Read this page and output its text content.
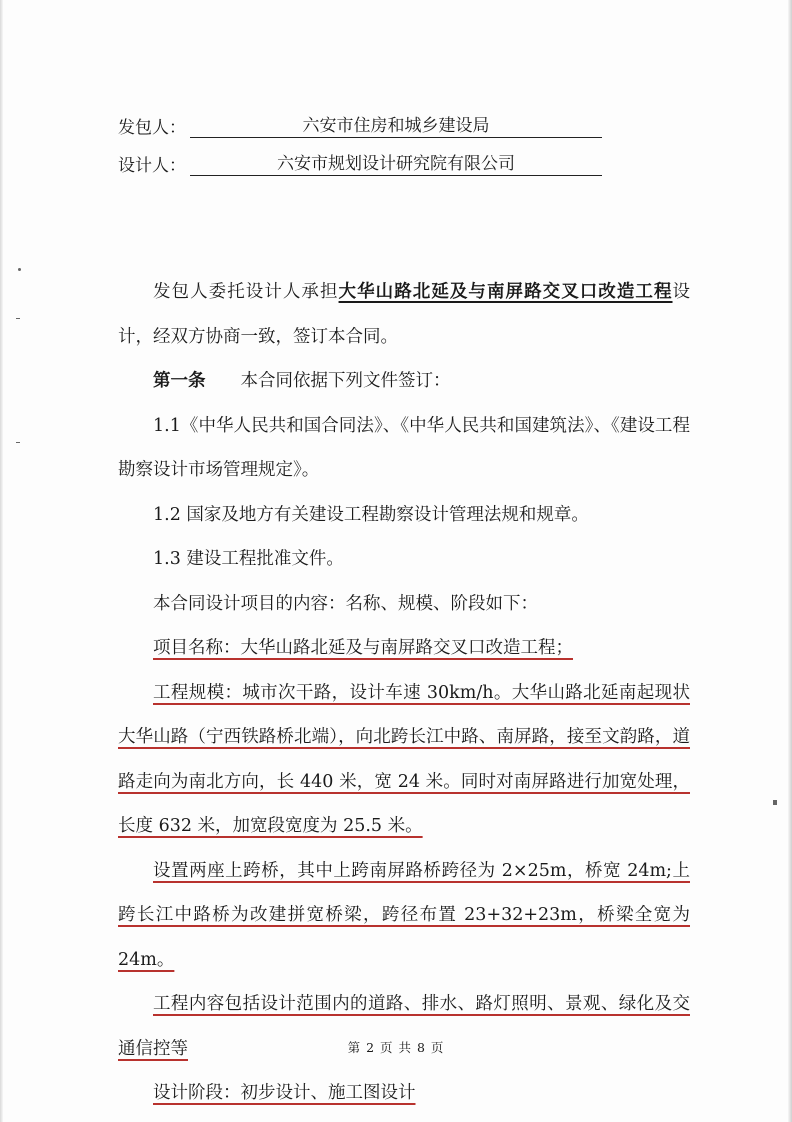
发包人：	六安市住房和城乡建设局
设计人：	六安市规划设计研究院有限公司

发包人委托设计人承担大华山路北延及与南屏路交叉口改造工程设计，经双方协商一致，签订本合同。

第一条 本合同依据下列文件签订：

1.1《中华人民共和国合同法》、《中华人民共和国建筑法》、《建设工程勘察设计市场管理规定》。

1.2 国家及地方有关建设工程勘察设计管理法规和规章。

1.3 建设工程批准文件。

本合同设计项目的内容：名称、规模、阶段如下：

项目名称：大华山路北延及与南屏路交叉口改造工程；

工程规模：城市次干路，设计车速 30km/h。大华山路北延南起现状大华山路（宁西铁路桥北端），向北跨长江中路、南屏路，接至文韵路，道路走向为南北方向，长 440 米，宽 24 米。同时对南屏路进行加宽处理，长度 632 米，加宽段宽度为 25.5 米。

设置两座上跨桥，其中上跨南屏路桥跨径为 2×25m，桥宽 24m;上跨长江中路桥为改建拼宽桥梁，跨径布置 23+32+23m，桥梁全宽为 24m。

工程内容包括设计范围内的道路、排水、路灯照明、景观、绿化及交通信控等

设计阶段：初步设计、施工图设计

第 2 页 共 8 页
